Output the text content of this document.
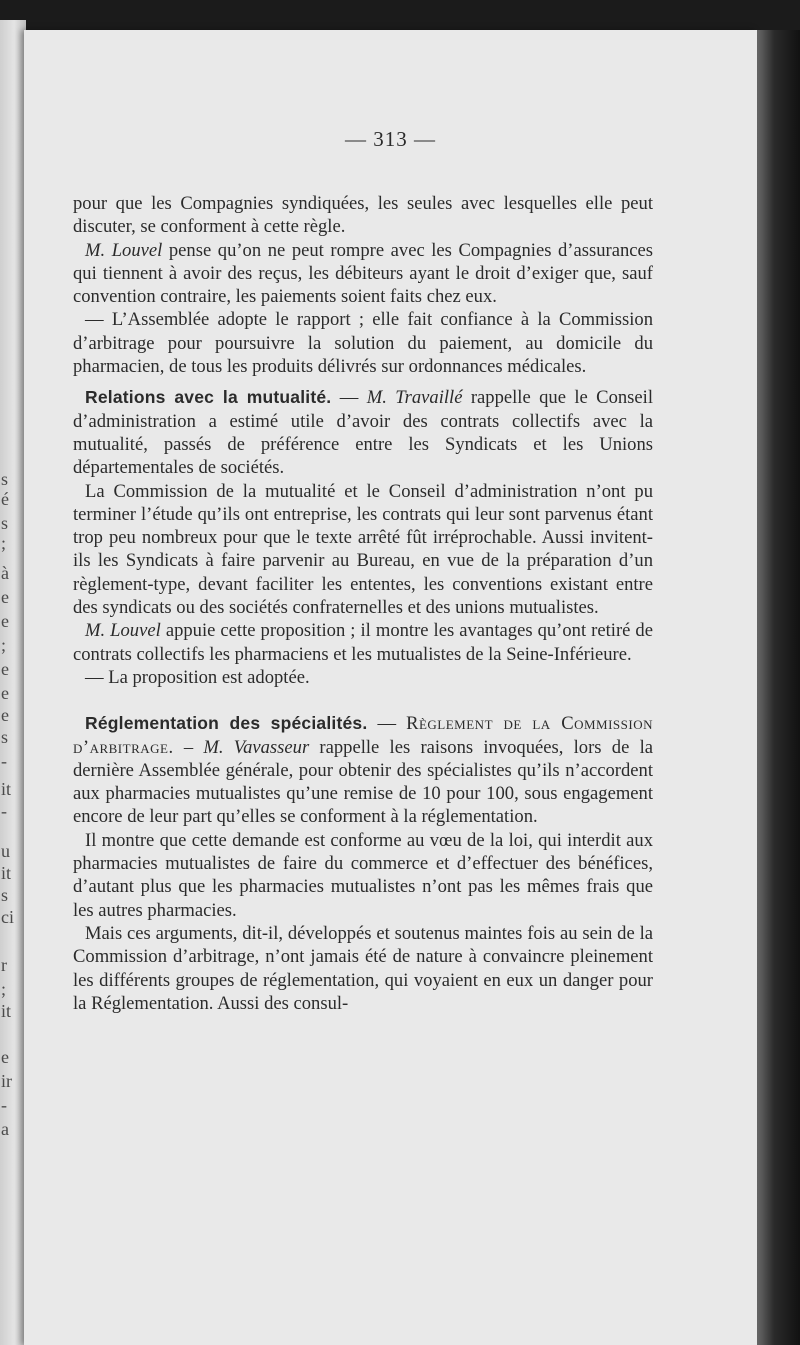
s
é
s
;
à
e
e
;
e
e
e
s
-
it
-
u
it
s
ci
r
;
it
e
ir
-
a
— 313 —

pour que les Compagnies syndiquées, les seules avec lesquelles elle peut discuter, se conforment à cette règle.

M. Louvel pense qu’on ne peut rompre avec les Compagnies d’assurances qui tiennent à avoir des reçus, les débiteurs ayant le droit d’exiger que, sauf convention contraire, les paiements soient faits chez eux.

— L’Assemblée adopte le rapport ; elle fait confiance à la Commission d’arbitrage pour poursuivre la solution du paiement, au domicile du pharmacien, de tous les produits délivrés sur ordonnances médicales.

Relations avec la mutualité. — M. Travaillé rappelle que le Conseil d’administration a estimé utile d’avoir des contrats collectifs avec la mutualité, passés de préférence entre les Syndicats et les Unions départementales de sociétés.

La Commission de la mutualité et le Conseil d’administration n’ont pu terminer l’étude qu’ils ont entreprise, les contrats qui leur sont parvenus étant trop peu nombreux pour que le texte arrêté fût irréprochable. Aussi invitent-ils les Syndicats à faire parvenir au Bureau, en vue de la préparation d’un règlement-type, devant faciliter les ententes, les conventions existant entre des syndicats ou des sociétés confraternelles et des unions mutualistes.

M. Louvel appuie cette proposition ; il montre les avantages qu’ont retiré de contrats collectifs les pharmaciens et les mutualistes de la Seine-Inférieure.

— La proposition est adoptée.

Réglementation des spécialités. — Règlement de la Commission d’arbitrage. – M. Vavasseur rappelle les raisons invoquées, lors de la dernière Assemblée générale, pour obtenir des spécialistes qu’ils n’accordent aux pharmacies mutualistes qu’une remise de 10 pour 100, sous engagement encore de leur part qu’elles se conforment à la réglementation.

Il montre que cette demande est conforme au vœu de la loi, qui interdit aux pharmacies mutualistes de faire du commerce et d’effectuer des bénéfices, d’autant plus que les pharmacies mutualistes n’ont pas les mêmes frais que les autres pharmacies.

Mais ces arguments, dit-il, développés et soutenus maintes fois au sein de la Commission d’arbitrage, n’ont jamais été de nature à convaincre pleinement les différents groupes de réglementation, qui voyaient en eux un danger pour la Réglementation. Aussi des consul-
